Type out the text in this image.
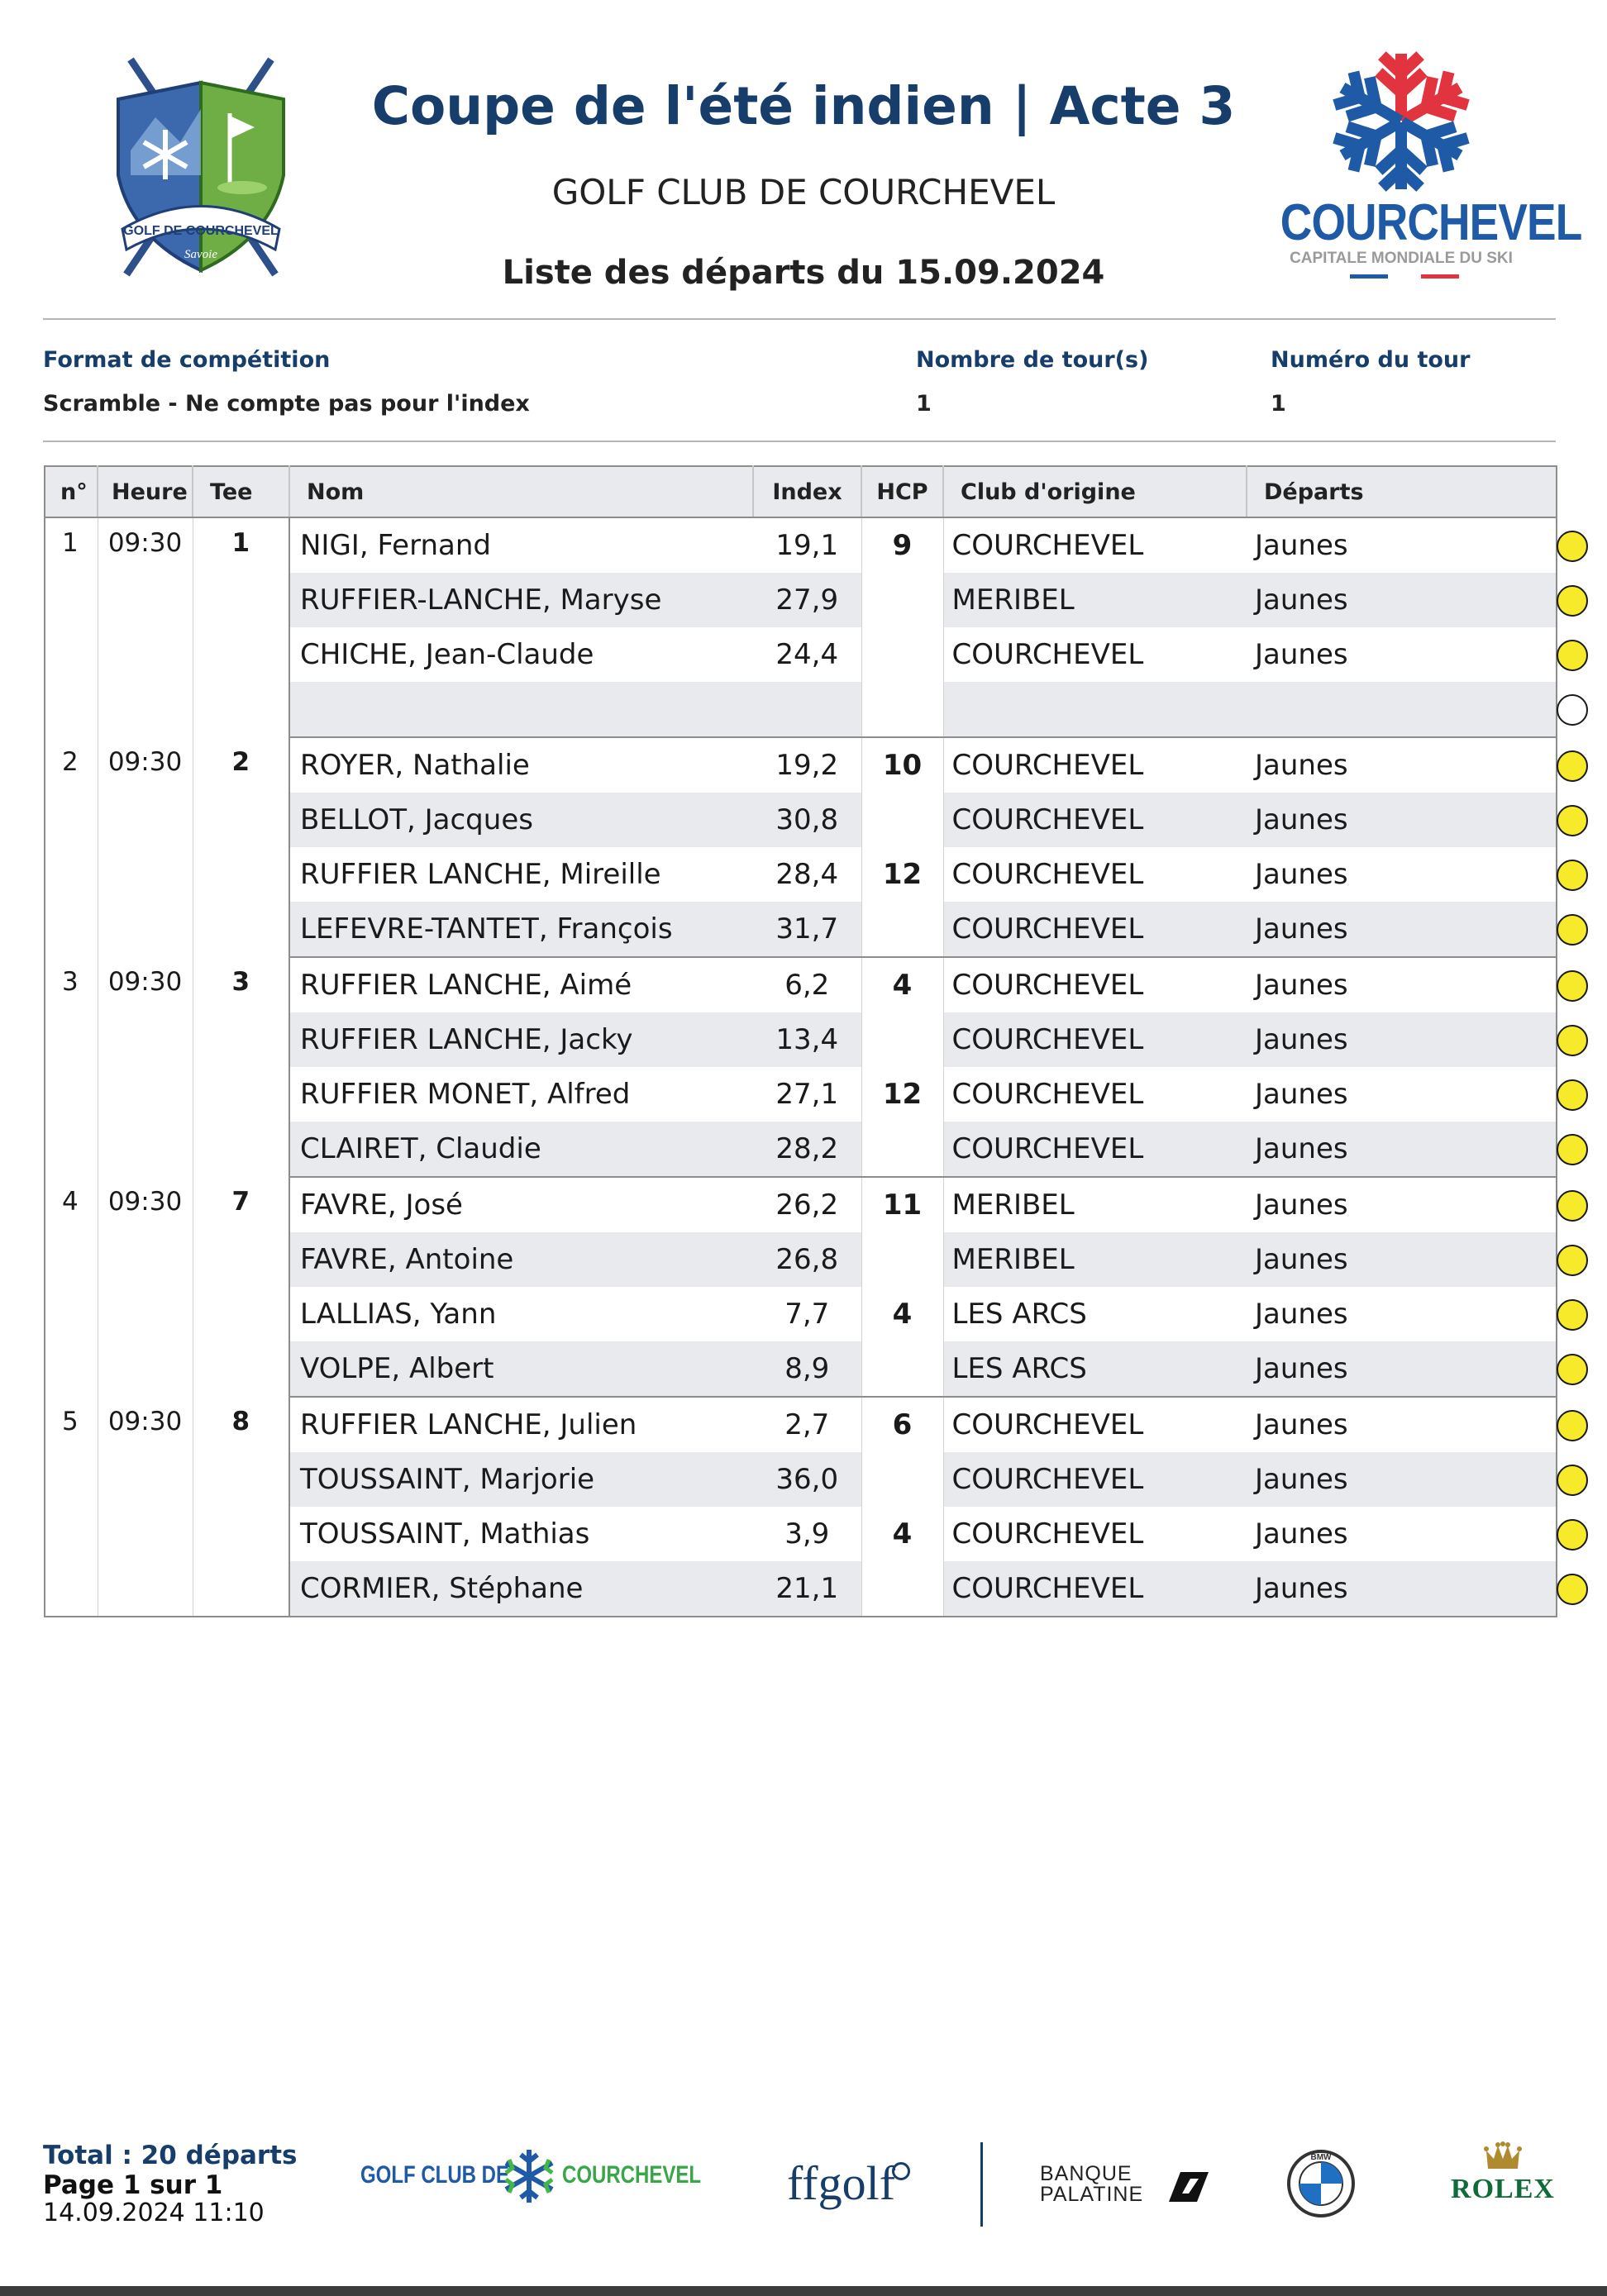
GOLF DE COURCHEVEL
Savoie
Coupe de l'été indien | Acte 3
GOLF CLUB DE COURCHEVEL
Liste des départs du 15.09.2024
COURCHEVEL
CAPITALE MONDIALE DU SKI
Format de compétition
Scramble - Ne compte pas pour l'index
Nombre de tour(s)
1
Numéro du tour
1
n°	Heure	Tee	Nom	Index	HCP	Club d'origine	Départs	
1	09:30	1	NIGI, Fernand	19,1	9	COURCHEVEL	Jaunes	
			RUFFIER-LANCHE, Maryse	27,9		MERIBEL	Jaunes	
			CHICHE, Jean-Claude	24,4		COURCHEVEL	Jaunes	

2	09:30	2	ROYER, Nathalie	19,2	10	COURCHEVEL	Jaunes	
			BELLOT, Jacques	30,8		COURCHEVEL	Jaunes	
			RUFFIER LANCHE, Mireille	28,4	12	COURCHEVEL	Jaunes	
			LEFEVRE-TANTET, François	31,7		COURCHEVEL	Jaunes	
3	09:30	3	RUFFIER LANCHE, Aimé	6,2	4	COURCHEVEL	Jaunes	
			RUFFIER LANCHE, Jacky	13,4		COURCHEVEL	Jaunes	
			RUFFIER MONET, Alfred	27,1	12	COURCHEVEL	Jaunes	
			CLAIRET, Claudie	28,2		COURCHEVEL	Jaunes	
4	09:30	7	FAVRE, José	26,2	11	MERIBEL	Jaunes	
			FAVRE, Antoine	26,8		MERIBEL	Jaunes	
			LALLIAS, Yann	7,7	4	LES ARCS	Jaunes	
			VOLPE, Albert	8,9		LES ARCS	Jaunes	
5	09:30	8	RUFFIER LANCHE, Julien	2,7	6	COURCHEVEL	Jaunes	
			TOUSSAINT, Marjorie	36,0		COURCHEVEL	Jaunes	
			TOUSSAINT, Mathias	3,9	4	COURCHEVEL	Jaunes	
			CORMIER, Stéphane	21,1		COURCHEVEL	Jaunes	
Total : 20 départs
Page 1 sur 1
14.09.2024 11:10
GOLF CLUB DE COURCHEVEL ffgolf	BANQUE
PALATINE
BMW
ROLEX
